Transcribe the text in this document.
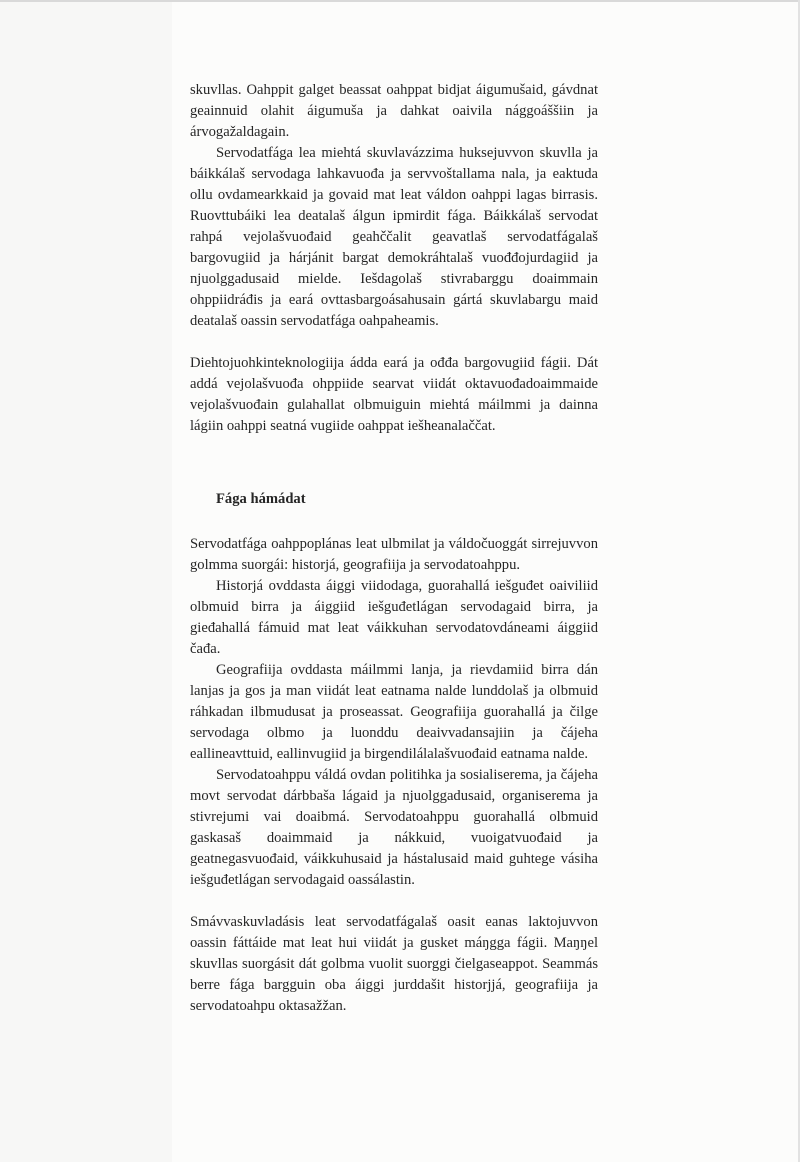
skuvllas. Oahppit galget beassat oahppat bidjat áigumušaid, gávdnat geainnuid olahit áigumuša ja dahkat oaivila nággoáššiin ja árvogažaldagain.

Servodatfága lea miehtá skuvlavázzima huksejuvvon skuvlla ja báikkálaš servodaga lahkavuođa ja servvoštallama nala, ja eaktuda ollu ovdamearkkaid ja govaid mat leat váldon oahppi lagas birrasis. Ruovttubáiki lea deatalaš álgun ipmirdit fága. Báikkálaš servodat rahpá vejolašvuođaid geahččalit geavatlaš servodatfágalaš bargovugiid ja hárjánit bargat demokráhtalaš vuođđojurdagiid ja njuolggadusaid mielde. Iešdagolaš stivrabarggu doaimmain ohppiidráđis ja eará ovttasbargoásahusain gártá skuvlabargu maid deatalaš oassin servodatfága oahpaheamis.

Diehtojuohkinteknologiija ádda eará ja ođđa bargovugiid fágii. Dát addá vejolašvuođa ohppiide searvat viidát oktavuođadoaimmaide vejolašvuođain gulahallat olbmuiguin miehtá máilmmi ja dainna lágiin oahppi seatná vugiide oahppat iešheanalaččat.

Fága hámádat

Servodatfága oahppoplánas leat ulbmilat ja váldočuoggát sirrejuvvon golmma suorgái: historjá, geografiija ja servodatoahppu.

Historjá ovddasta áiggi viidodaga, guorahallá iešguđet oaiviliid olbmuid birra ja áiggiid iešguđetlágan servodagaid birra, ja gieđahallá fámuid mat leat váikkuhan servodatovdáneami áiggiid čađa.

Geografiija ovddasta máilmmi lanja, ja rievdamiid birra dán lanjas ja gos ja man viidát leat eatnama nalde lunddolaš ja olbmuid ráhkadan ilbmudusat ja proseassat. Geografiija guorahallá ja čilge servodaga olbmo ja luonddu deaivvadansajiin ja čájeha eallineavttuid, eallinvugiid ja birgendilálalašvuođaid eatnama nalde.

Servodatoahppu váldá ovdan politihka ja sosialiserema, ja čájeha movt servodat dárbbaša lágaid ja njuolggadusaid, organiserema ja stivrejumi vai doaibmá. Servodatoahppu guorahallá olbmuid gaskasaš doaimmaid ja nákkuid, vuoigatvuođaid ja geatnegasvuođaid, váikkuhusaid ja hástalusaid maid guhtege vásiha iešguđetlágan servodagaid oassálastin.

Smávvaskuvladásis leat servodatfágalaš oasit eanas laktojuvvon oassin fáttáide mat leat hui viidát ja gusket máŋgga fágii. Maŋŋel skuvllas suorgásit dát golbma vuolit suorggi čielgaseappot. Seammás berre fága bargguin oba áiggi jurddašit historjjá, geografiija ja servodatoahpu oktasažžan.
